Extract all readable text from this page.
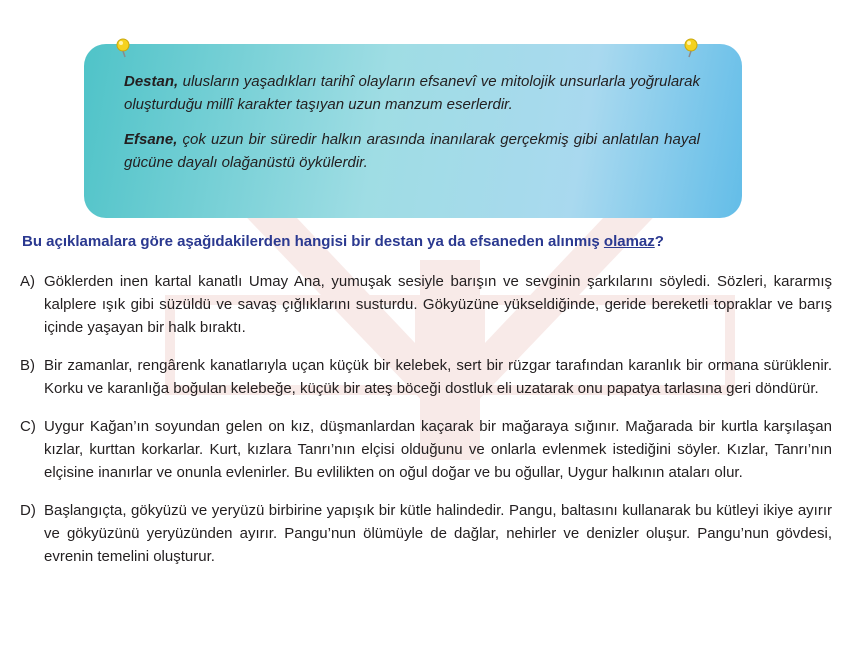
Destan, ulusların yaşadıkları tarihî olayların efsanevî ve mitolojik unsurlarla yoğrularak oluşturduğu millî karakter taşıyan uzun manzum eserlerdir.

Efsane, çok uzun bir süredir halkın arasında inanılarak gerçekmiş gibi anlatılan hayal gücüne dayalı olağanüstü öykülerdir.

Bu açıklamalara göre aşağıdakilerden hangisi bir destan ya da efsaneden alınmış olamaz?
A) Göklerden inen kartal kanatlı Umay Ana, yumuşak sesiyle barışın ve sevginin şarkılarını söyledi. Sözleri, kararmış kalplere ışık gibi süzüldü ve savaş çığlıklarını susturdu. Gökyüzüne yükseldiğinde, geride bereketli topraklar ve barış içinde yaşayan bir halk bıraktı.
B) Bir zamanlar, rengârenk kanatlarıyla uçan küçük bir kelebek, sert bir rüzgar tarafından karanlık bir ormana sürüklenir. Korku ve karanlığa boğulan kelebeğe, küçük bir ateş böceği dostluk eli uzatarak onu papatya tarlasına geri döndürür.
C) Uygur Kağan’ın soyundan gelen on kız, düşmanlardan kaçarak bir mağaraya sığınır. Mağarada bir kurtla karşılaşan kızlar, kurttan korkarlar. Kurt, kızlara Tanrı’nın elçisi olduğunu ve onlarla evlenmek istediğini söyler. Kızlar, Tanrı’nın elçisine inanırlar ve onunla evlenirler. Bu evlilikten on oğul doğar ve bu oğullar, Uygur halkının ataları olur.
D) Başlangıçta, gökyüzü ve yeryüzü birbirine yapışık bir kütle halindedir. Pangu, baltasını kullanarak bu kütleyi ikiye ayırır ve gökyüzünü yeryüzünden ayırır. Pangu’nun ölümüyle de dağlar, nehirler ve denizler oluşur. Pangu’nun gövdesi, evrenin temelini oluşturur.
